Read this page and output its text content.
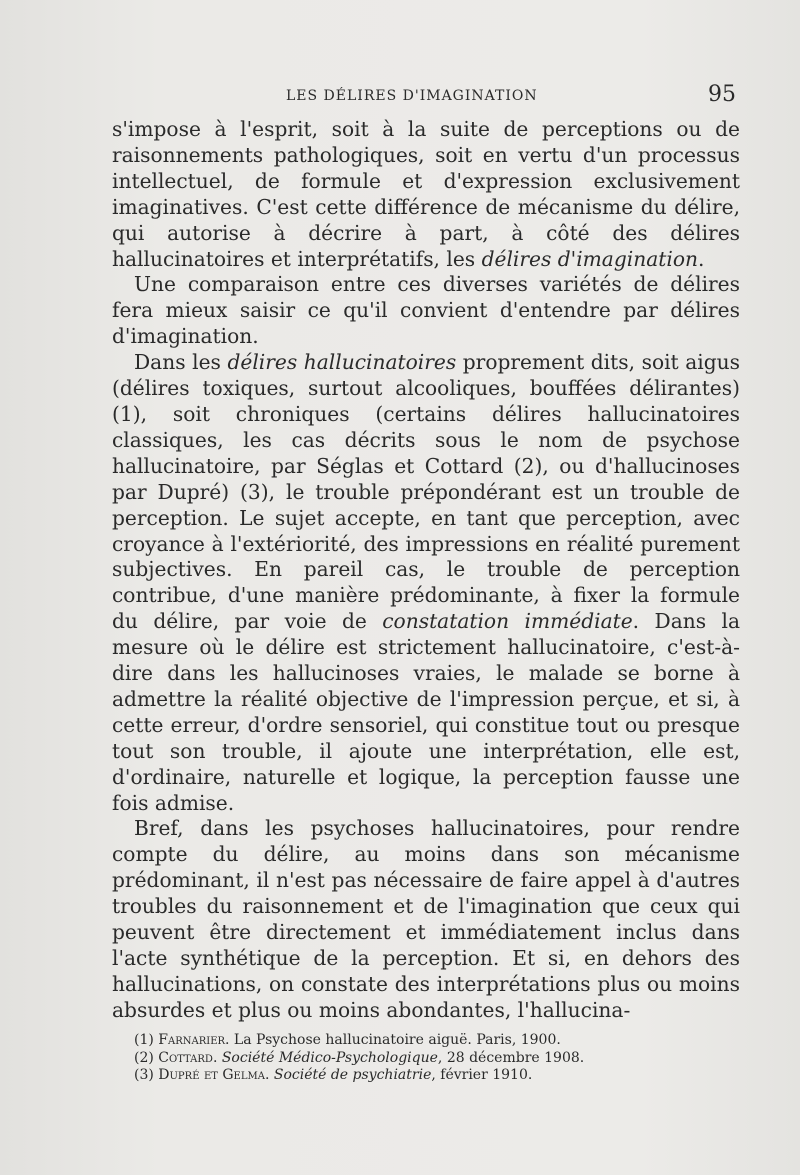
LES DÉLIRES D'IMAGINATION	95

s'impose à l'esprit, soit à la suite de perceptions ou de raisonnements pathologiques, soit en vertu d'un processus intellectuel, de formule et d'expression exclusivement imaginatives. C'est cette différence de mécanisme du délire, qui autorise à décrire à part, à côté des délires hallucinatoires et interprétatifs, les délires d'imagination.

Une comparaison entre ces diverses variétés de délires fera mieux saisir ce qu'il convient d'entendre par délires d'imagination.

Dans les délires hallucinatoires proprement dits, soit aigus (délires toxiques, surtout alcooliques, bouffées délirantes) (1), soit chroniques (certains délires hallucinatoires classiques, les cas décrits sous le nom de psychose hallucinatoire, par Séglas et Cottard (2), ou d'hallucinoses par Dupré) (3), le trouble prépondérant est un trouble de perception. Le sujet accepte, en tant que perception, avec croyance à l'extériorité, des impressions en réalité purement subjectives. En pareil cas, le trouble de perception contribue, d'une manière prédominante, à fixer la formule du délire, par voie de constatation immédiate. Dans la mesure où le délire est strictement hallucinatoire, c'est-à-dire dans les hallucinoses vraies, le malade se borne à admettre la réalité objective de l'impression perçue, et si, à cette erreur, d'ordre sensoriel, qui constitue tout ou presque tout son trouble, il ajoute une interprétation, elle est, d'ordinaire, naturelle et logique, la perception fausse une fois admise.

Bref, dans les psychoses hallucinatoires, pour rendre compte du délire, au moins dans son mécanisme prédominant, il n'est pas nécessaire de faire appel à d'autres troubles du raisonnement et de l'imagination que ceux qui peuvent être directement et immédiatement inclus dans l'acte synthétique de la perception. Et si, en dehors des hallucinations, on constate des interprétations plus ou moins absurdes et plus ou moins abondantes, l'hallucina-

(1) Farnarier. La Psychose hallucinatoire aiguë. Paris, 1900.
(2) Cottard. Société Médico-Psychologique, 28 décembre 1908.
(3) Dupré et Gelma. Société de psychiatrie, février 1910.
